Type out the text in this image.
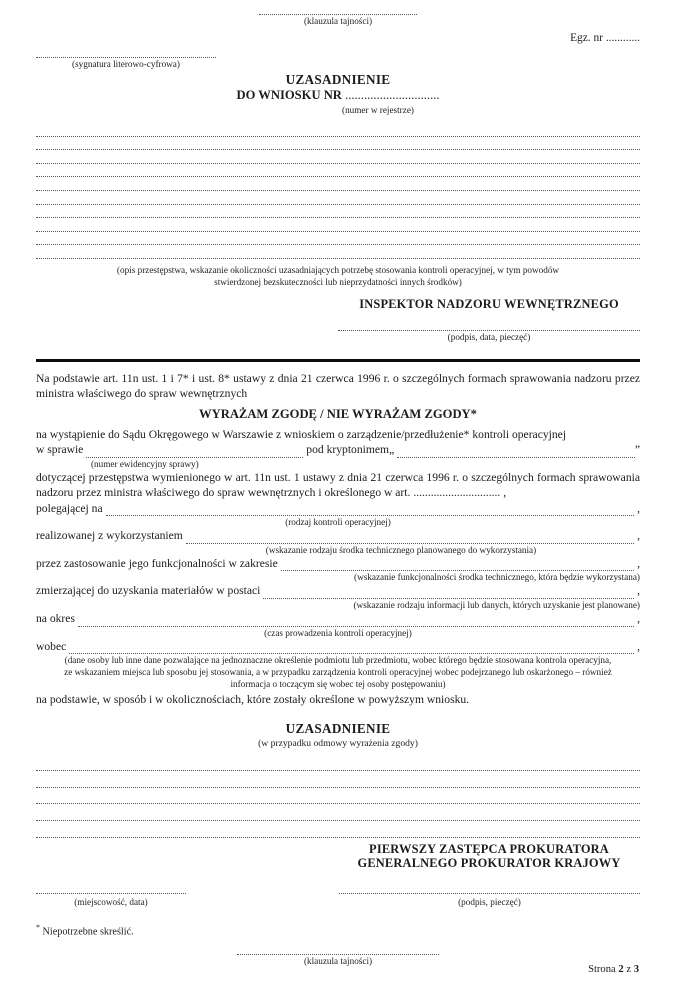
(klauzula tajności)
Egz. nr ............
(sygnatura literowo-cyfrowa)
UZASADNIENIE
DO WNIOSKU NR ..............................
(numer w rejestrze)
(opis przestępstwa, wskazanie okoliczności uzasadniających potrzebę stosowania kontroli operacyjnej, w tym powodów stwierdzonej bezskuteczności lub nieprzydatności innych środków)
INSPEKTOR NADZORU WEWNĘTRZNEGO
(podpis, data, pieczęć)

Na podstawie art. 11n ust. 1 i 7* i ust. 8* ustawy z dnia 21 czerwca 1996 r. o szczególnych formach sprawowania nadzoru przez ministra właściwego do spraw wewnętrznych

WYRAŻAM ZGODĘ / NIE WYRAŻAM ZGODY*

na wystąpienie do Sądu Okręgowego w Warszawie z wnioskiem o zarządzenie/przedłużenie* kontroli operacyjnej

w sprawie	pod kryptonimem „	”
(numer ewidencyjny sprawy)

dotyczącej przestępstwa wymienionego w art. 11n ust. 1 ustawy z dnia 21 czerwca 1996 r. o szczególnych formach sprawowania nadzoru przez ministra właściwego do spraw wewnętrznych i określonego w art. .............................. ,

polegającej na	,
(rodzaj kontroli operacyjnej)
realizowanej z wykorzystaniem	,
(wskazanie rodzaju środka technicznego planowanego do wykorzystania)
przez zastosowanie jego funkcjonalności w zakresie	,
(wskazanie funkcjonalności środka technicznego, która będzie wykorzystana)
zmierzającej do uzyskania materiałów w postaci	,
(wskazanie rodzaju informacji lub danych, których uzyskanie jest planowane)
na okres	,
(czas prowadzenia kontroli operacyjnej)
wobec	,
(dane osoby lub inne dane pozwalające na jednoznaczne określenie podmiotu lub przedmiotu, wobec którego będzie stosowana kontrola operacyjna, ze wskazaniem miejsca lub sposobu jej stosowania, a w przypadku zarządzenia kontroli operacyjnej wobec podejrzanego lub oskarżonego – również informacja o toczącym się wobec tej osoby postępowaniu)

na podstawie, w sposób i w okolicznościach, które zostały określone w powyższym wniosku.

UZASADNIENIE
(w przypadku odmowy wyrażenia zgody)
PIERWSZY ZASTĘPCA PROKURATORA
GENERALNEGO PROKURATOR KRAJOWY
(miejscowość, data)	(podpis, pieczęć)
* Niepotrzebne skreślić.
(klauzula tajności)
Strona 2 z 3
